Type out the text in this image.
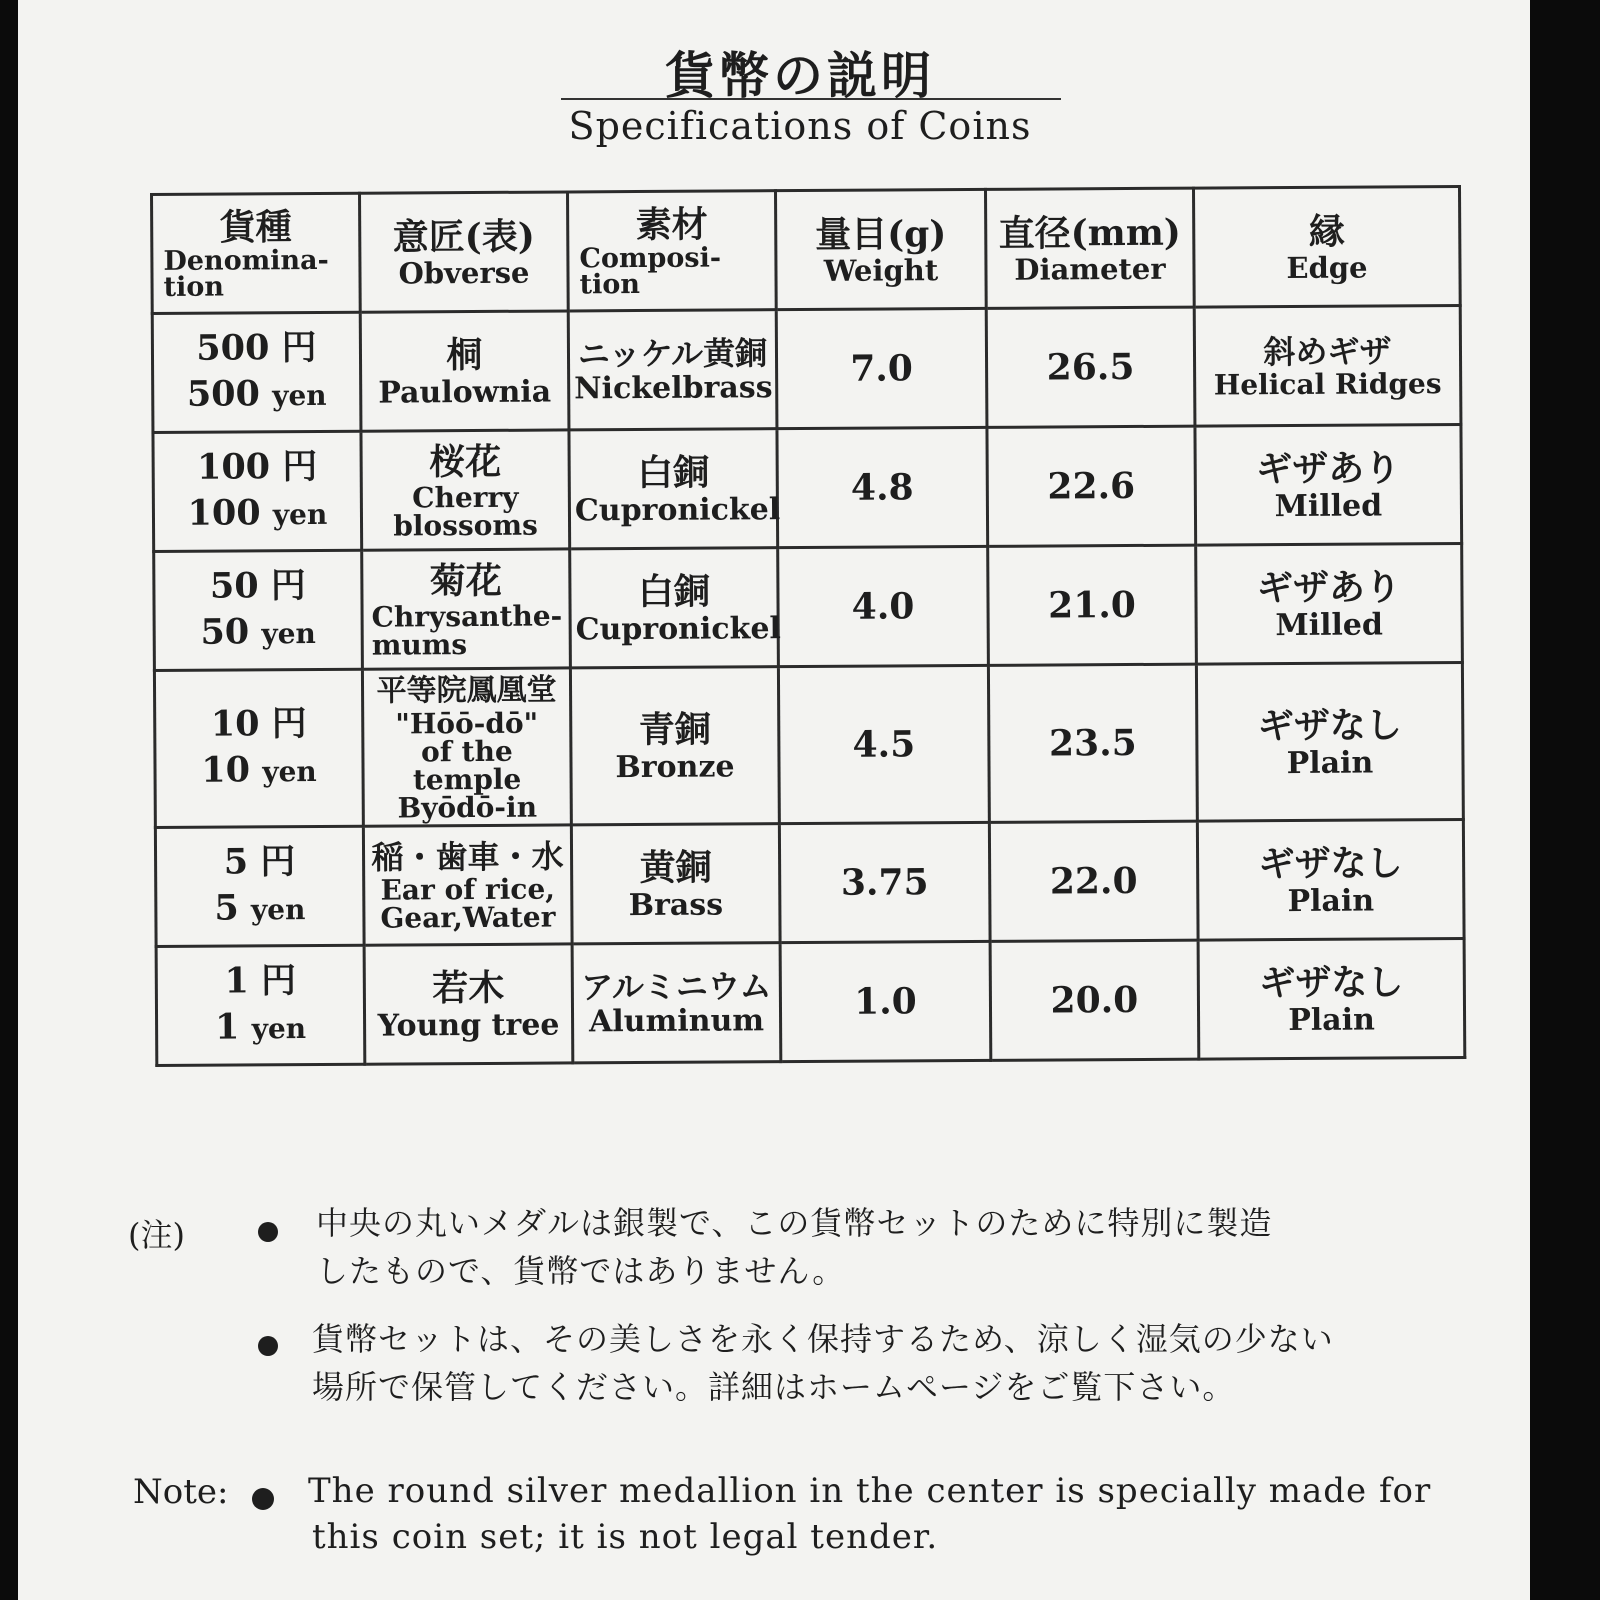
貨幣の説明
Specifications of Coins
貨種
Denomina-
tion	意匠(表)
Obverse	素材
Composi-
tion	量目(g)
Weight	直径(mm)
Diameter	縁
Edge

500 円
500 yen	桐
Paulownia	ニッケル黄銅
Nickelbrass	7.0	26.5	斜めギザ
Helical Ridges

100 円
100 yen	桜花
Cherry
blossoms	白銅
Cupronickel	4.8	22.6	ギザあり
Milled

50 円
50 yen	菊花
Chrysanthe-
mums	白銅
Cupronickel	4.0	21.0	ギザあり
Milled

10 円
10 yen	平等院鳳凰堂
"Hōō-dō"
of the temple
Byōdō-in	青銅
Bronze	4.5	23.5	ギザなし
Plain

5 円
5 yen	稲・歯車・水
Ear of rice,
Gear,Water	黄銅
Brass	3.75	22.0	ギザなし
Plain

1 円
1 yen	若木
Young tree	アルミニウム
Aluminum	1.0	20.0	ギザなし
Plain
(注)	中央の丸いメダルは銀製で、この貨幣セットのために特別に製造
したもので、貨幣ではありません。
貨幣セットは、その美しさを永く保持するため、涼しく湿気の少ない
場所で保管してください。詳細はホームページをご覧下さい。
Note: The round silver medallion in the center is specially made for
this coin set; it is not legal tender.
